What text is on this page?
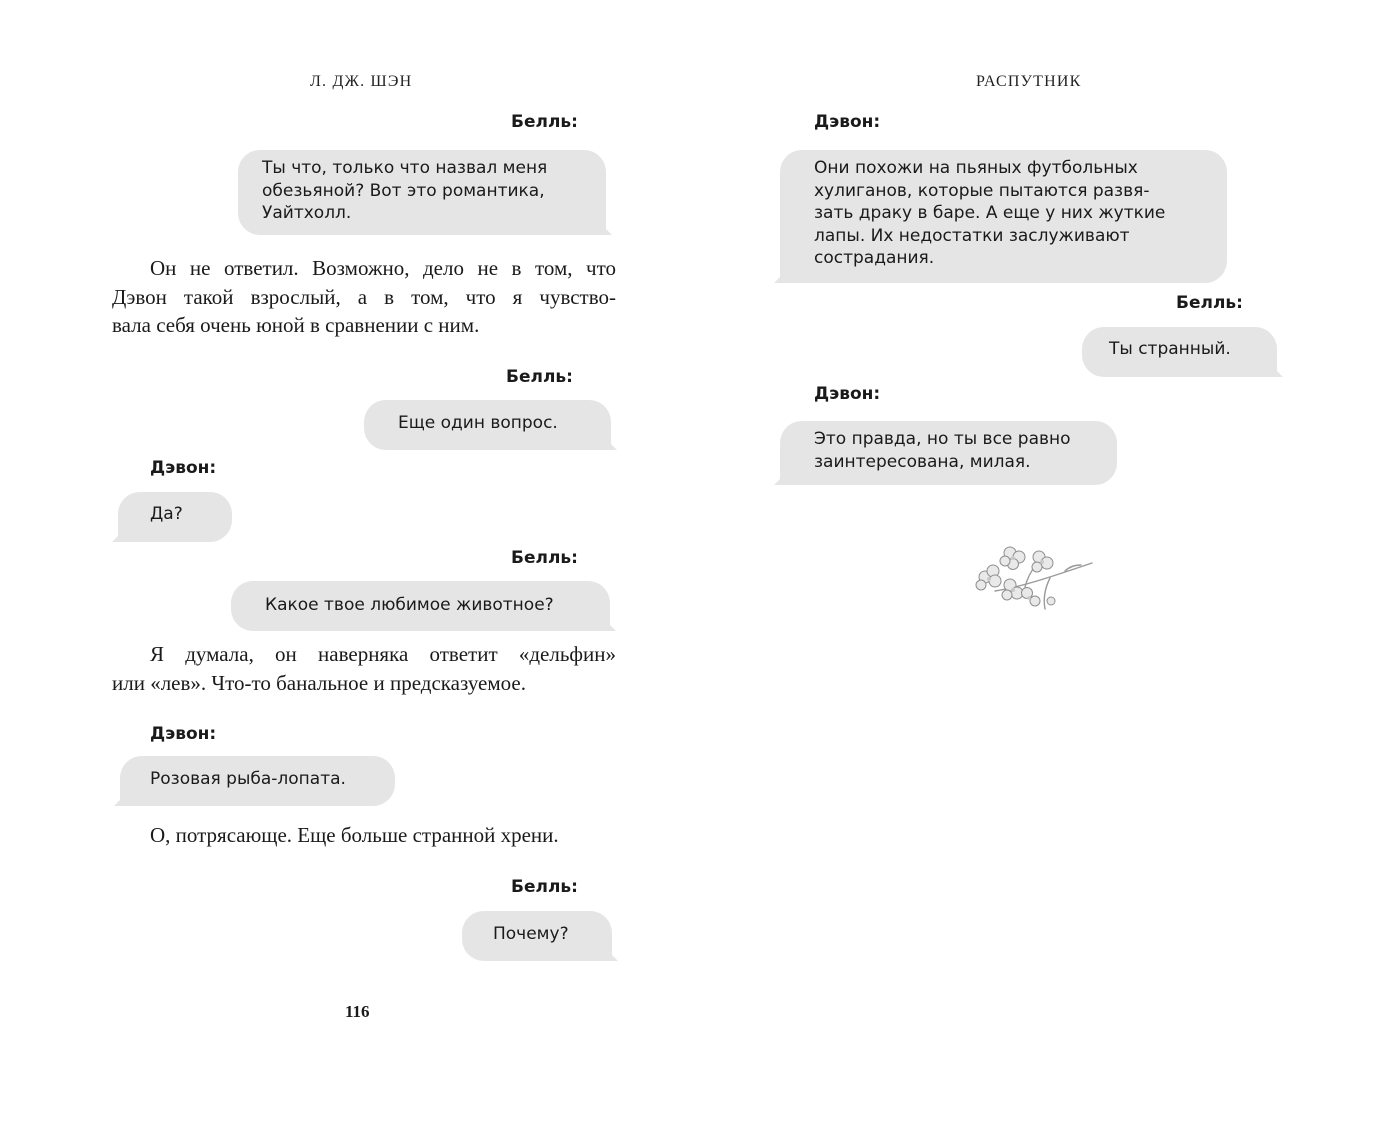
Л. ДЖ. ШЭН
Белль:
Ты что, только что назвал меня
обезьяной? Вот это романтика,
Уайтхолл.
Он не ответил. Возможно, дело не в том, что
Дэвон такой взрослый, а в том, что я чувство-
вала себя очень юной в сравнении с ним.
Белль:
Еще один вопрос.
Дэвон:
Да?
Белль:
Какое твое любимое животное?
Я думала, он наверняка ответит «дельфин»
или «лев». Что-то банальное и предсказуемое.
Дэвон:
Розовая рыба-лопата.
О, потрясающе. Еще больше странной хрени.
Белль:
Почему?
116
РАСПУТНИК
Дэвон:
Они похожи на пьяных футбольных
хулиганов, которые пытаются развя-
зать драку в баре. А еще у них жуткие
лапы. Их недостатки заслуживают
сострадания.
Белль:
Ты странный.
Дэвон:
Это правда, но ты все равно
заинтересована, милая.
